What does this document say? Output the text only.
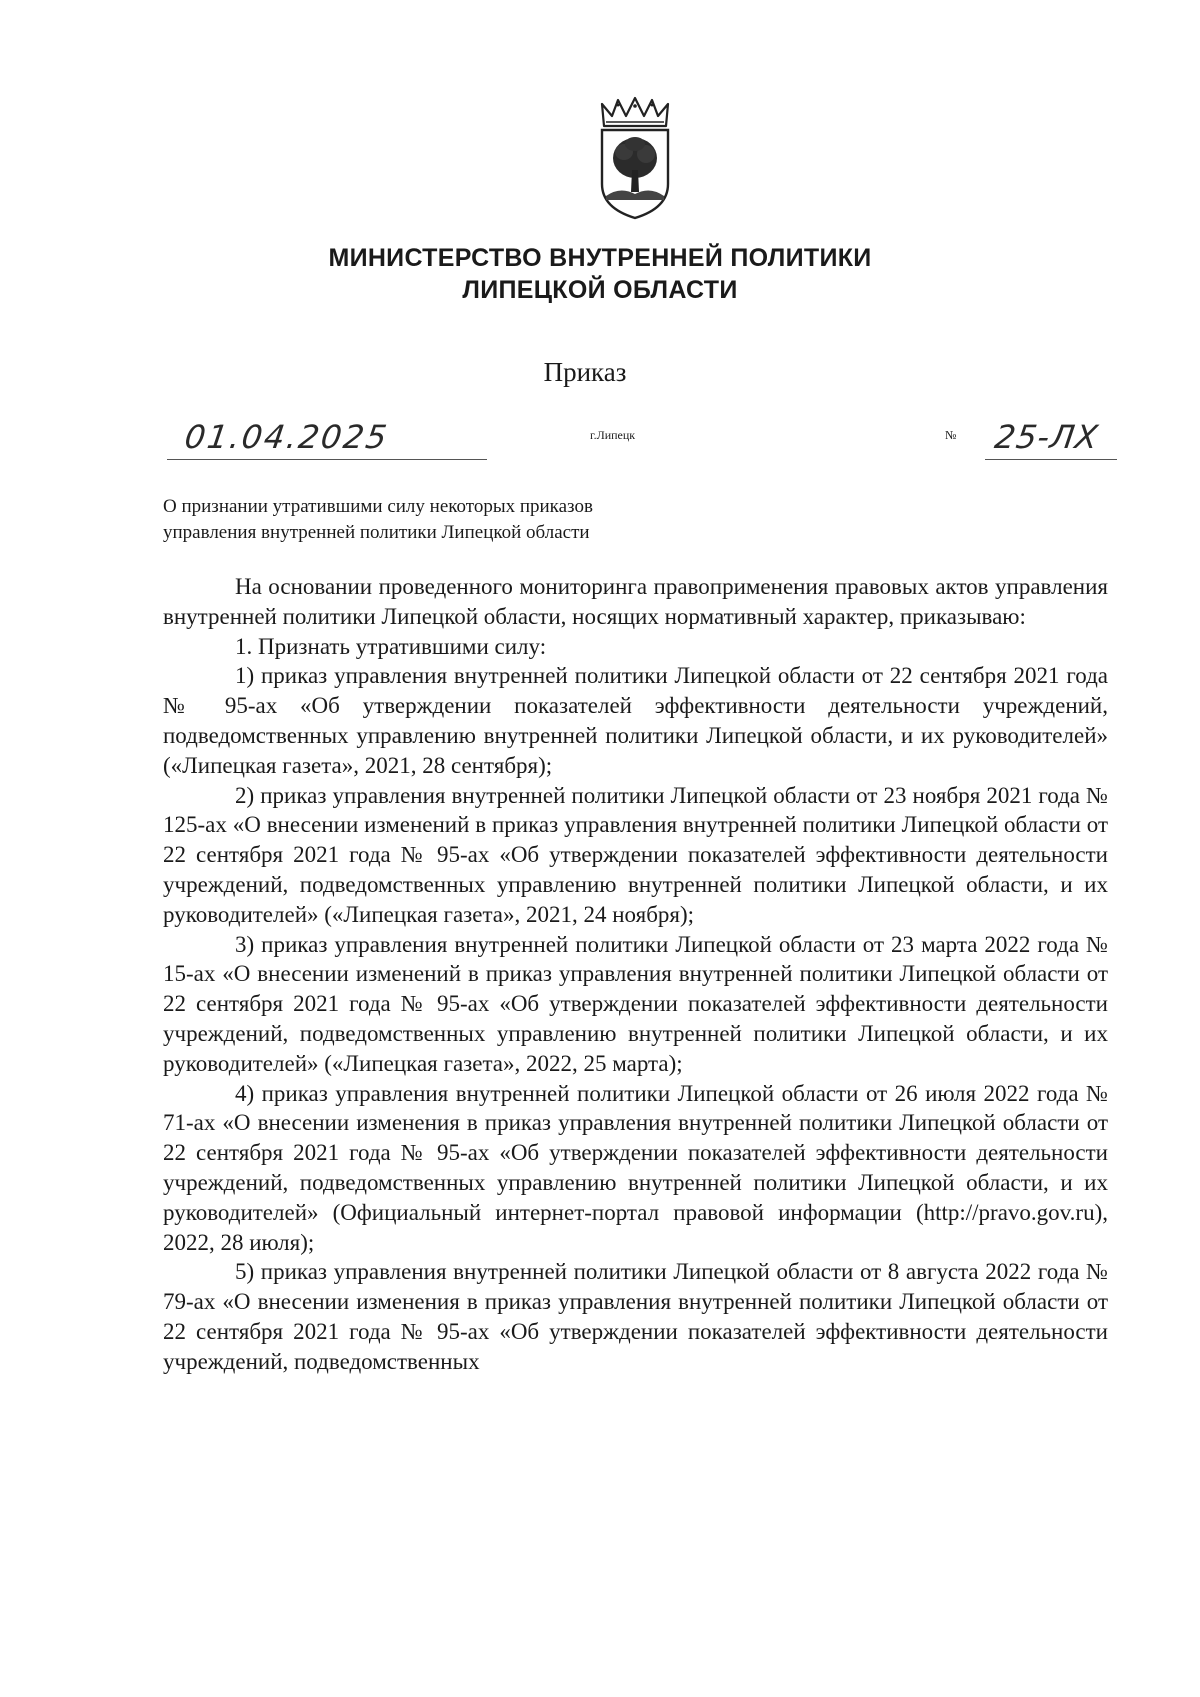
МИНИСТЕРСТВО ВНУТРЕННЕЙ ПОЛИТИКИ
ЛИПЕЦКОЙ ОБЛАСТИ
Приказ
01.04.2025	г.Липецк	№ 25-ЛХ
О признании утратившими силу некоторых приказов
управления внутренней политики Липецкой области

На основании проведенного мониторинга правоприменения правовых актов управления внутренней политики Липецкой области, носящих нормативный характер, приказываю:

1. Признать утратившими силу:

1) приказ управления внутренней политики Липецкой области от 22 сентября 2021 года № 95-ах «Об утверждении показателей эффективности деятельности учреждений, подведомственных управлению внутренней политики Липецкой области, и их руководителей» («Липецкая газета», 2021, 28 сентября);

2) приказ управления внутренней политики Липецкой области от 23 ноября 2021 года № 125-ах «О внесении изменений в приказ управления внутренней политики Липецкой области от 22 сентября 2021 года № 95-ах «Об утверждении показателей эффективности деятельности учреждений, подведомственных управлению внутренней политики Липецкой области, и их руководителей» («Липецкая газета», 2021, 24 ноября);

3) приказ управления внутренней политики Липецкой области от 23 марта 2022 года № 15-ах «О внесении изменений в приказ управления внутренней политики Липецкой области от 22 сентября 2021 года № 95-ах «Об утверждении показателей эффективности деятельности учреждений, подведомственных управлению внутренней политики Липецкой области, и их руководителей» («Липецкая газета», 2022, 25 марта);

4) приказ управления внутренней политики Липецкой области от 26 июля 2022 года № 71-ах «О внесении изменения в приказ управления внутренней политики Липецкой области от 22 сентября 2021 года № 95-ах «Об утверждении показателей эффективности деятельности учреждений, подведомственных управлению внутренней политики Липецкой области, и их руководителей» (Официальный интернет-портал правовой информации (http://pravo.gov.ru), 2022, 28 июля);

5) приказ управления внутренней политики Липецкой области от 8 августа 2022 года № 79-ах «О внесении изменения в приказ управления внутренней политики Липецкой области от 22 сентября 2021 года № 95-ах «Об утверждении показателей эффективности деятельности учреждений, подведомственных
